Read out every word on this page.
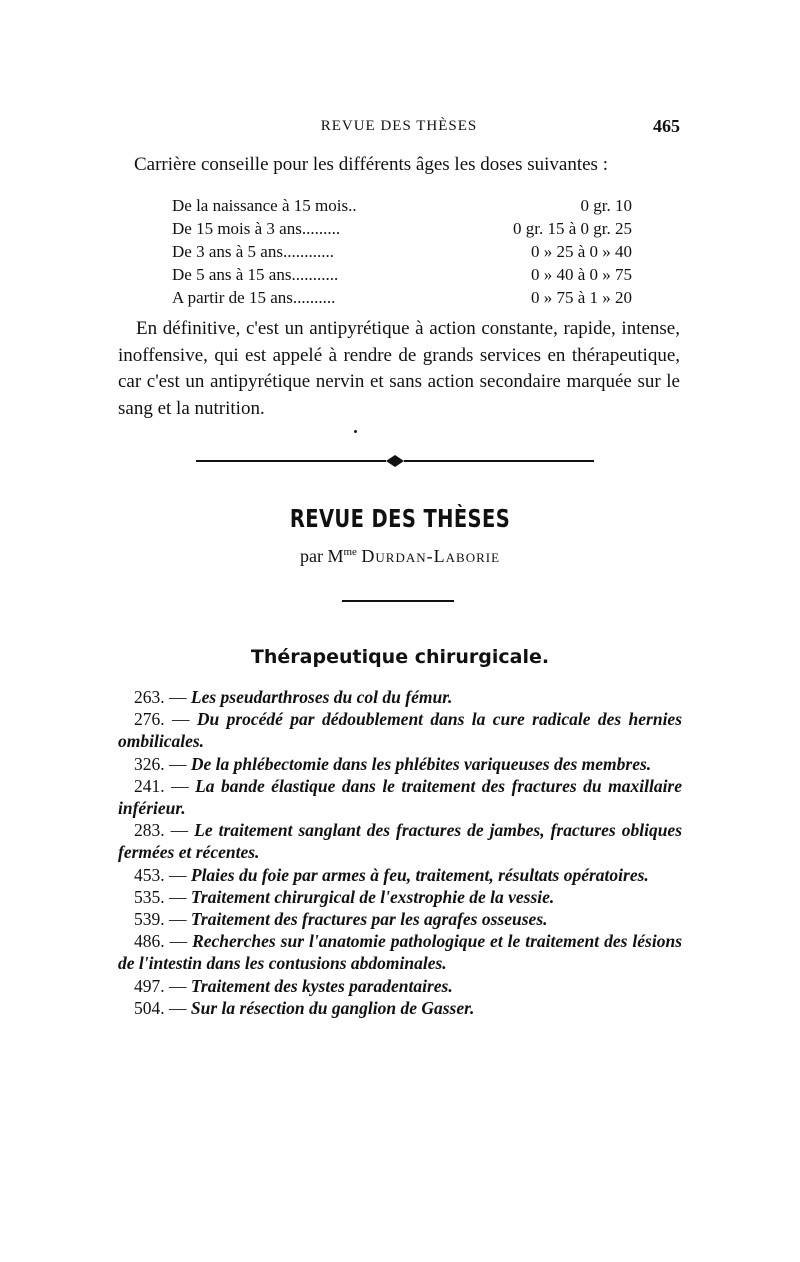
REVUE DES THÈSES	465

Carrière conseille pour les différents âges les doses suivantes :

De la naissance à 15 mois..	0 gr. 10
De 15 mois à 3 ans.........	0 gr. 15 à 0 gr. 25
De 3 ans à 5 ans............	0 » 25 à 0 » 40
De 5 ans à 15 ans...........	0 » 40 à 0 » 75
A partir de 15 ans..........	0 » 75 à 1 » 20

En définitive, c'est un antipyrétique à action constante, rapide, intense, inoffensive, qui est appelé à rendre de grands services en thérapeutique, car c'est un antipyrétique nervin et sans action secondaire marquée sur le sang et la nutrition.

REVUE DES THÈSES
par $M^{me}$ Durdan-Laborie
Thérapeutique chirurgicale.

263. — Les pseudarthroses du col du fémur.

276. — Du procédé par dédoublement dans la cure radicale des hernies ombilicales.

326. — De la phlébectomie dans les phlébites variqueuses des membres.

241. — La bande élastique dans le traitement des fractures du maxillaire inférieur.

283. — Le traitement sanglant des fractures de jambes, fractures obliques fermées et récentes.

453. — Plaies du foie par armes à feu, traitement, résultats opératoires.

535. — Traitement chirurgical de l'exstrophie de la vessie.

539. — Traitement des fractures par les agrafes osseuses.

486. — Recherches sur l'anatomie pathologique et le traitement des lésions de l'intestin dans les contusions abdominales.

497. — Traitement des kystes paradentaires.

504. — Sur la résection du ganglion de Gasser.
